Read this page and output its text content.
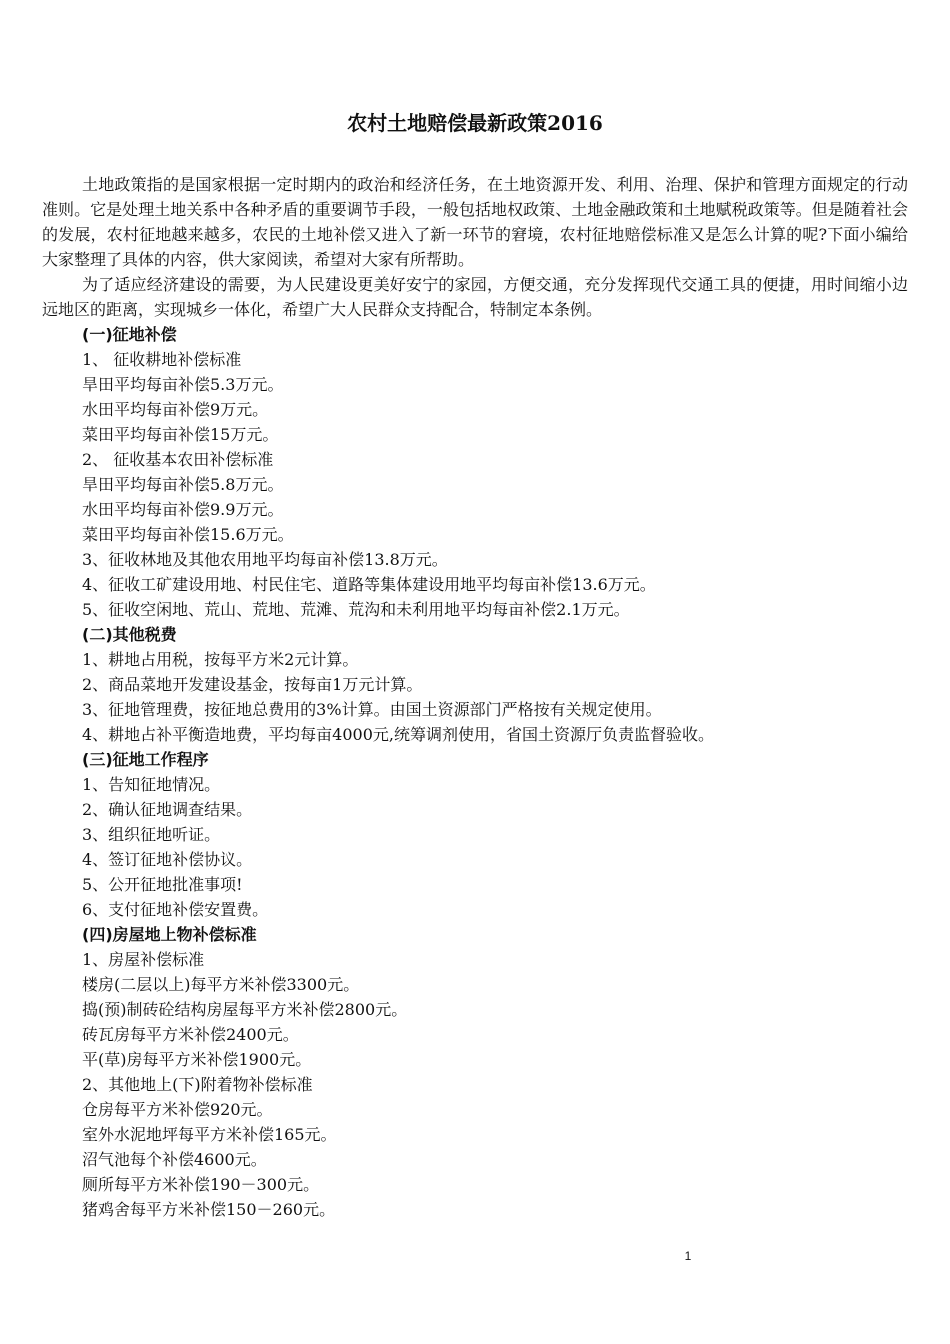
农村土地赔偿最新政策2016

土地政策指的是国家根据一定时期内的政治和经济任务，在土地资源开发、利用、治理、保护和管理方面规定的行动准则。它是处理土地关系中各种矛盾的重要调节手段，一般包括地权政策、土地金融政策和土地赋税政策等。但是随着社会的发展，农村征地越来越多，农民的土地补偿又进入了新一环节的窘境，农村征地赔偿标准又是怎么计算的呢?下面小编给大家整理了具体的内容，供大家阅读，希望对大家有所帮助。

为了适应经济建设的需要，为人民建设更美好安宁的家园，方便交通，充分发挥现代交通工具的便捷，用时间缩小边远地区的距离，实现城乡一体化，希望广大人民群众支持配合，特制定本条例。

(一)征地补偿

1、 征收耕地补偿标准

旱田平均每亩补偿5.3万元。

水田平均每亩补偿9万元。

菜田平均每亩补偿15万元。

2、 征收基本农田补偿标准

旱田平均每亩补偿5.8万元。

水田平均每亩补偿9.9万元。

菜田平均每亩补偿15.6万元。

3、征收林地及其他农用地平均每亩补偿13.8万元。

4、征收工矿建设用地、村民住宅、道路等集体建设用地平均每亩补偿13.6万元。

5、征收空闲地、荒山、荒地、荒滩、荒沟和未利用地平均每亩补偿2.1万元。

(二)其他税费

1、耕地占用税，按每平方米2元计算。

2、商品菜地开发建设基金，按每亩1万元计算。

3、征地管理费，按征地总费用的3%计算。由国土资源部门严格按有关规定使用。

4、耕地占补平衡造地费，平均每亩4000元,统筹调剂使用，省国土资源厅负责监督验收。

(三)征地工作程序

1、告知征地情况。

2、确认征地调查结果。

3、组织征地听证。

4、签订征地补偿协议。

5、公开征地批准事项!

6、支付征地补偿安置费。

(四)房屋地上物补偿标准

1、房屋补偿标准

楼房(二层以上)每平方米补偿3300元。

捣(预)制砖砼结构房屋每平方米补偿2800元。

砖瓦房每平方米补偿2400元。

平(草)房每平方米补偿1900元。

2、其他地上(下)附着物补偿标准

仓房每平方米补偿920元。

室外水泥地坪每平方米补偿165元。

沼气池每个补偿4600元。

厕所每平方米补偿190－300元。

猪鸡舍每平方米补偿150－260元。

1
